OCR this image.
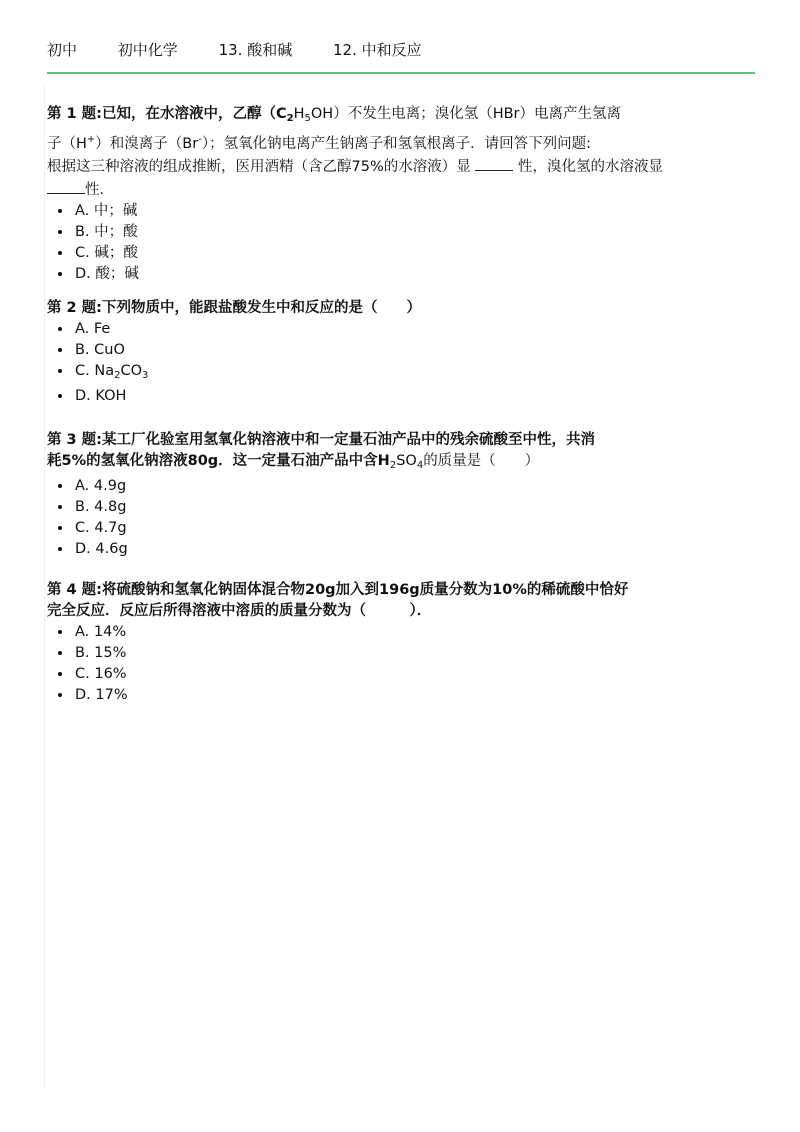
初中	初中化学	13. 酸和碱	12. 中和反应
第 1 题:已知，在水溶液中，乙醇$(C_2H_5OH)$不发生电离；溴化氢（HBr）电离产生氢离
子（H+）和溴离子（Br-）；氢氧化钠电离产生钠离子和氢氧根离子．请回答下列问题:
根据这三种溶液的组成推断，医用酒精（含乙醇75%的水溶液）显	性，溴化氢的水溶液显
性．
• A. 中；碱
• B. 中；酸
• C. 碱；酸
• D. 酸；碱
第 2 题:下列物质中，能跟盐酸发生中和反应的是（　　）
• A. Fe
• B. CuO
• C. $Na_2CO_3$
• D. KOH
第 3 题:某工厂化验室用氢氧化钠溶液中和一定量石油产品中的残余硫酸至中性，共消
耗5%的氢氧化钠溶液80g．这一定量石油产品中含$H_2SO_4$的质量是（　　）
• A. 4.9g
• B. 4.8g
• C. 4.7g
• D. 4.6g
第 4 题:将硫酸钠和氢氧化钠固体混合物20g加入到196g质量分数为10%的稀硫酸中恰好
完全反应．反应后所得溶液中溶质的质量分数为（　　　）．
• A. 14%
• B. 15%
• C. 16%
• D. 17%
